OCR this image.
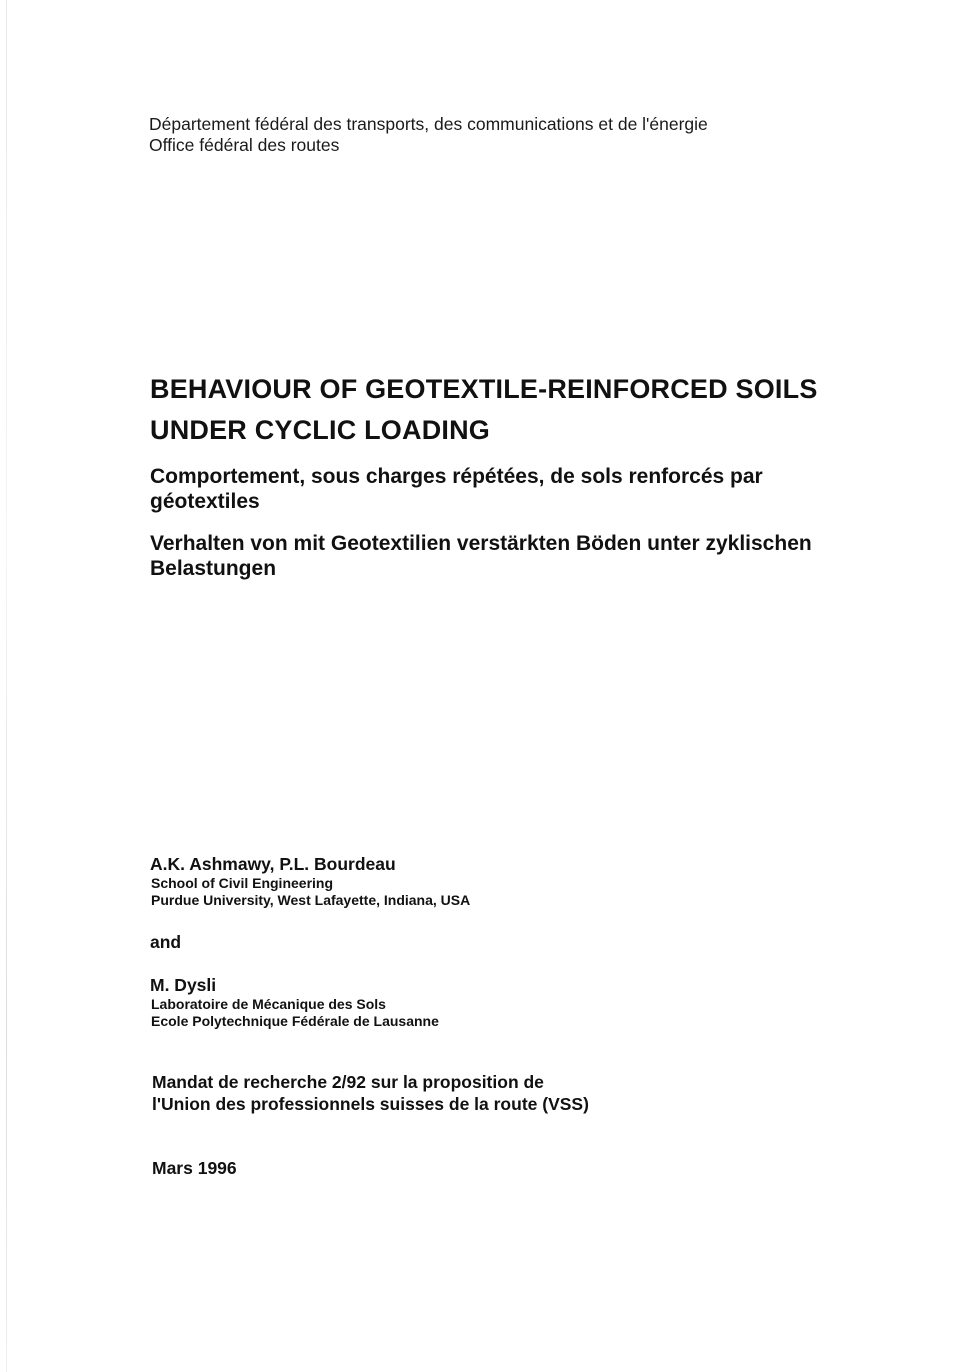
Département fédéral des transports, des communications et de l'énergie
Office fédéral des routes
BEHAVIOUR OF GEOTEXTILE-REINFORCED SOILS
UNDER CYCLIC LOADING
Comportement, sous charges répétées, de sols renforcés par
géotextiles
Verhalten von mit Geotextilien verstärkten Böden unter zyklischen
Belastungen
A.K. Ashmawy, P.L. Bourdeau
School of Civil Engineering
Purdue University, West Lafayette, Indiana, USA
and
M. Dysli
Laboratoire de Mécanique des Sols
Ecole Polytechnique Fédérale de Lausanne
Mandat de recherche 2/92 sur la proposition de
l'Union des professionnels suisses de la route (VSS)
Mars 1996
